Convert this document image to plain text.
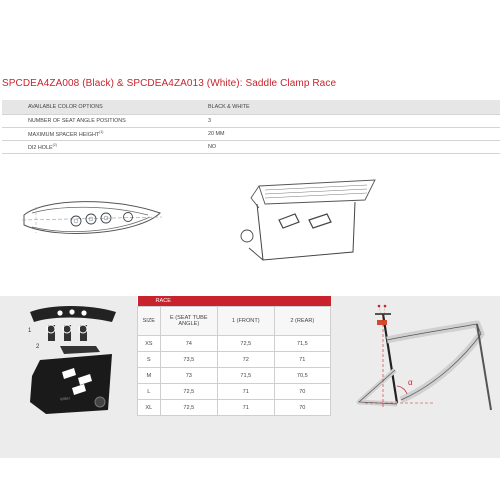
SPCDEA4ZA008 (Black) & SPCDEA4ZA013 (White): Saddle Clamp Race
AVAILABLE COLOR OPTIONS	BLACK & WHITE
NUMBER OF SEAT ANGLE POSITIONS	3
MAXIMUM SPACER HEIGHT$^{(1)}$	20 MM
DI2 HOLE$^{(2)}$	NO
1
2
Wilier
RACE			
SIZE	E (SEAT TUBE ANGLE)	1 (FRONT)	2 (REAR)
XS	74	72,5	71,5
S	73,5	72	71
M	73	71,5	70,5
L	72,5	71	70
XL	72,5	71	70
α
